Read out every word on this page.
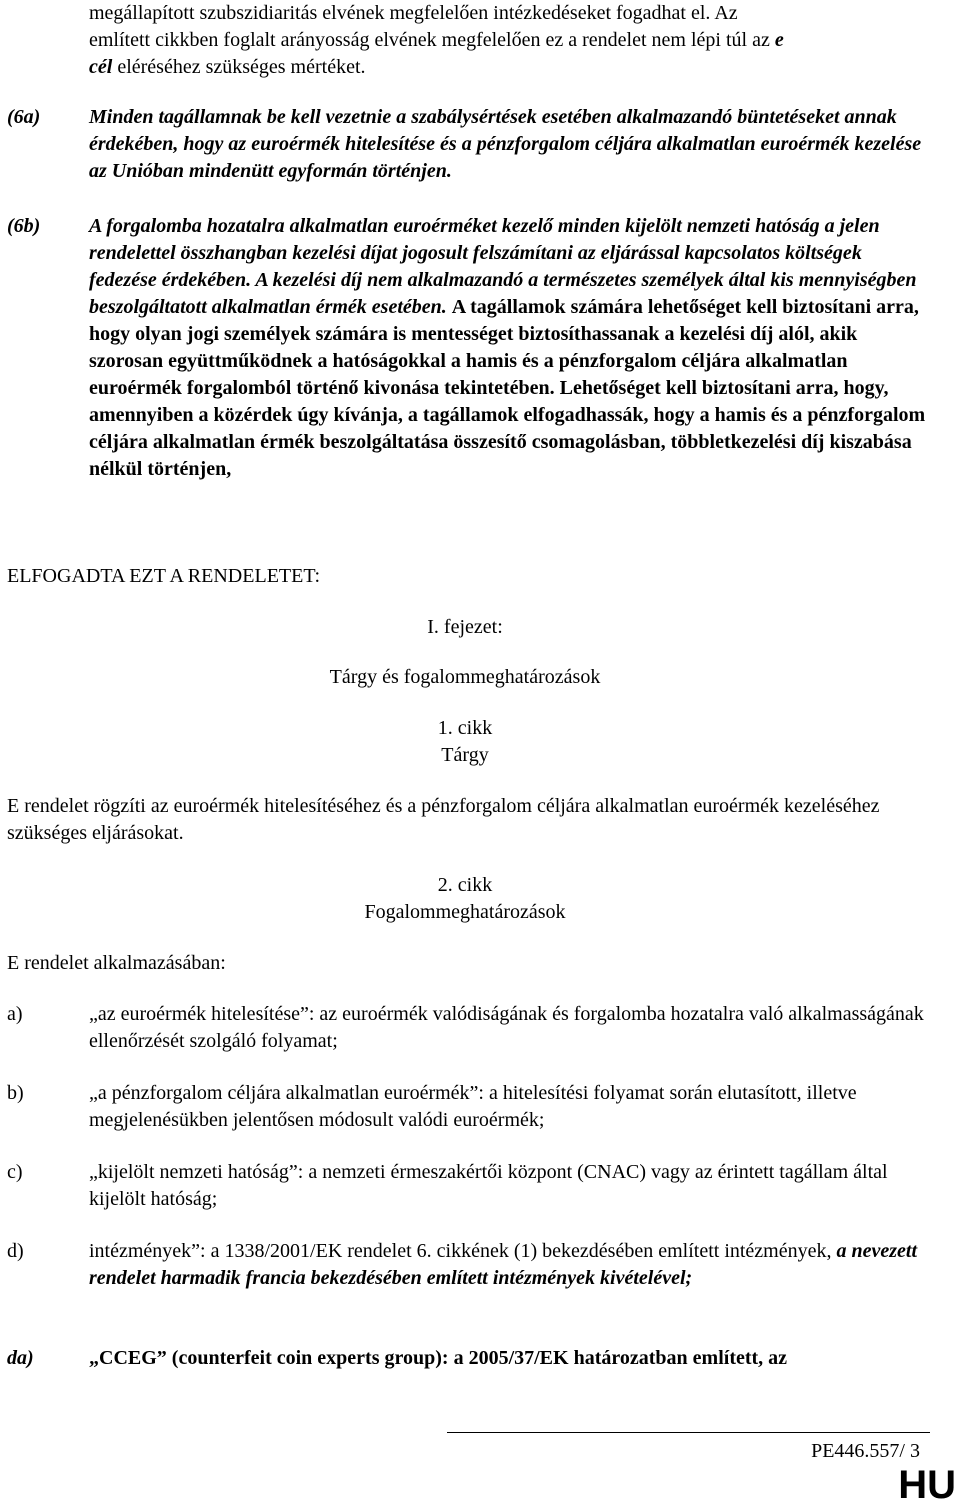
megállapított szubszidiaritás elvének megfelelően intézkedéseket fogadhat el. Az
említett cikkben foglalt arányosság elvének megfelelően ez a rendelet nem lépi túl az e
cél eléréséhez szükséges mértéket.
(6a) Minden tagállamnak be kell vezetnie a szabálysértések esetében alkalmazandó büntetéseket annak érdekében, hogy az euroérmék hitelesítése és a pénzforgalom céljára alkalmatlan euroérmék kezelése az Unióban mindenütt egyformán történjen.
(6b) A forgalomba hozatalra alkalmatlan euroérméket kezelő minden kijelölt nemzeti hatóság a jelen rendelettel összhangban kezelési díjat jogosult felszámítani az eljárással kapcsolatos költségek fedezése érdekében. A kezelési díj nem alkalmazandó a természetes személyek által kis mennyiségben beszolgáltatott alkalmatlan érmék esetében. A tagállamok számára lehetőséget kell biztosítani arra, hogy olyan jogi személyek számára is mentességet biztosíthassanak a kezelési díj alól, akik szorosan együttműködnek a hatóságokkal a hamis és a pénzforgalom céljára alkalmatlan euroérmék forgalomból történő kivonása tekintetében. Lehetőséget kell biztosítani arra, hogy, amennyiben a közérdek úgy kívánja, a tagállamok elfogadhassák, hogy a hamis és a pénzforgalom céljára alkalmatlan érmék beszolgáltatása összesítő csomagolásban, többletkezelési díj kiszabása nélkül történjen,
ELFOGADTA EZT A RENDELETET:
I. fejezet:
Tárgy és fogalommeghatározások
1. cikk
Tárgy
E rendelet rögzíti az euroérmék hitelesítéséhez és a pénzforgalom céljára alkalmatlan euroérmék kezeléséhez szükséges eljárásokat.
2. cikk
Fogalommeghatározások
E rendelet alkalmazásában:
a)	„az euroérmék hitelesítése”: az euroérmék valódiságának és forgalomba hozatalra való alkalmasságának ellenőrzését szolgáló folyamat;
b)	„a pénzforgalom céljára alkalmatlan euroérmék”: a hitelesítési folyamat során elutasított, illetve megjelenésükben jelentősen módosult valódi euroérmék;
c)	„kijelölt nemzeti hatóság”: a nemzeti érmeszakértői központ (CNAC) vagy az érintett tagállam által kijelölt hatóság;
d)	intézmények”: a 1338/2001/EK rendelet 6. cikkének (1) bekezdésében említett intézmények, a nevezett rendelet harmadik francia bekezdésében említett intézmények kivételével;
da)	„CCEG” (counterfeit coin experts group): a 2005/37/EK határozatban említett, az
PE446.557/ 3
HU
